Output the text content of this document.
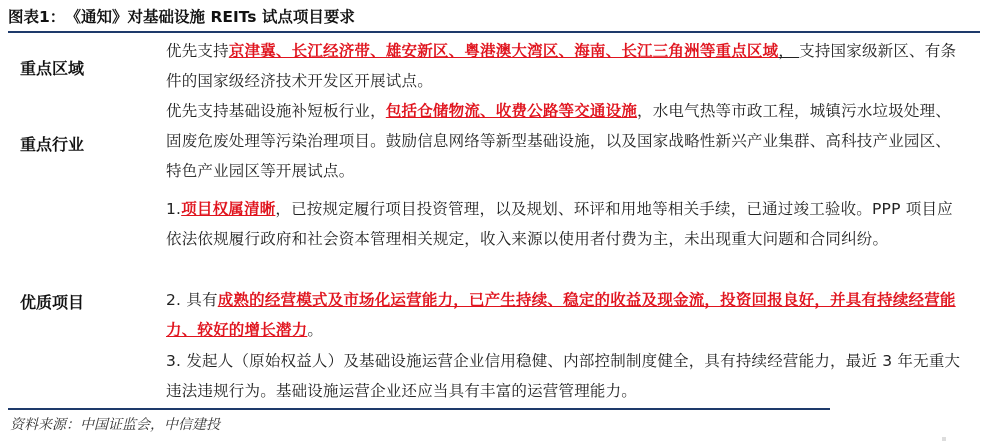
图表1： 《通知》对基础设施 REITs 试点项目要求
重点区域
优先支持京津冀、长江经济带、雄安新区、粤港澳大湾区、海南、长江三角洲等重点区域， 支持国家级新区、有条件的国家级经济技术开发区开展试点。
重点行业
优先支持基础设施补短板行业，包括仓储物流、收费公路等交通设施，水电气热等市政工程，城镇污水垃圾处理、固废危废处理等污染治理项目。鼓励信息网络等新型基础设施，以及国家战略性新兴产业集群、高科技产业园区、特色产业园区等开展试点。
优质项目
1.项目权属清晰，已按规定履行项目投资管理，以及规划、环评和用地等相关手续，已通过竣工验收。PPP 项目应依法依规履行政府和社会资本管理相关规定，收入来源以使用者付费为主，未出现重大问题和合同纠纷。
2. 具有成熟的经营模式及市场化运营能力，已产生持续、稳定的收益及现金流，投资回报良好，并具有持续经营能力、较好的增长潜力。
3. 发起人（原始权益人）及基础设施运营企业信用稳健、内部控制制度健全，具有持续经营能力，最近 3 年无重大违法违规行为。基础设施运营企业还应当具有丰富的运营管理能力。
资料来源：中国证监会，中信建投
